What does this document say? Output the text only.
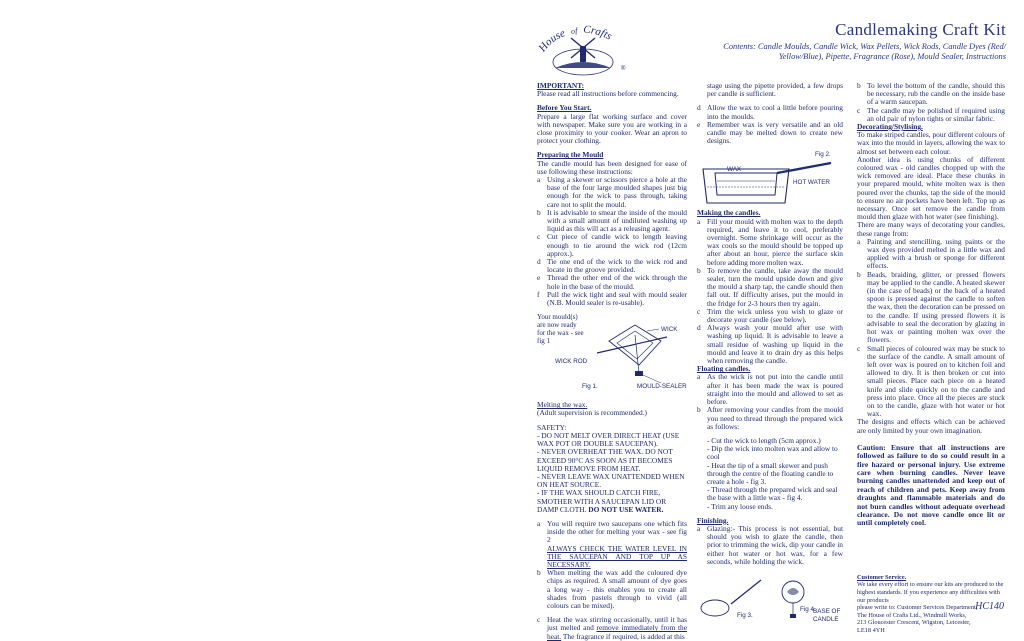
House of Crafts
®
Candlemaking Craft Kit
Contents: Candle Moulds, Candle Wick, Wax Pellets, Wick Rods, Candle Dyes (Red/ Yellow/Blue), Pipette, Fragrance (Rose), Mould Sealer, Instructions
IMPORTANT:
Please read all instructions before commencing.
Before You Start.
Prepare a large flat working surface and cover with newspaper. Make sure you are working in a close proximity to your cooker. Wear an apron to protect your clothing.
Preparing the Mould
The candle mould has been designed for ease of use following these instructions:
a Using a skewer or scissors pierce a hole at the base of the four large moulded shapes just big enough for the wick to pass through, taking care not to split the mould.
b It is advisable to smear the inside of the mould with a small amount of undiluted washing up liquid as this will act as a releasing agent.
c Cut piece of candle wick to length leaving enough to tie around the wick rod (12cm approx.).
d Tie one end of the wick to the wick rod and locate in the groove provided.
e Thread the other end of the wick through the hole in the base of the mould.
f	Pull the wick tight and seal with mould sealer (N.B. Mould sealer is re-usable).
Your mould(s) are now ready for the wax - see fig 1
WICK
WICK ROD
Fig 1.	MOULD-SEALER
Melting the wax.
(Adult supervision is recommended.)
SAFETY:
- DO NOT MELT OVER DIRECT HEAT (USE WAX POT OR DOUBLE SAUCEPAN).
- NEVER OVERHEAT THE WAX. DO NOT EXCEED 90°C AS SOON AS IT BECOMES LIQUID REMOVE FROM HEAT.
- NEVER LEAVE WAX UNATTENDED WHEN ON HEAT SOURCE.
- IF THE WAX SHOULD CATCH FIRE, SMOTHER WITH A SAUCEPAN LID OR DAMP CLOTH. DO NOT USE WATER.
a You will require two saucepans one which fits inside the other for melting your wax - see fig 2
ALWAYS CHECK THE WATER LEVEL IN THE SAUCEPAN AND TOP UP AS NECESSARY.
b When melting the wax add the coloured dye chips as required. A small amount of dye goes a long way - this enables you to create all shades from pastels through to vivid (all colours can be mixed).
c Heat the wax stirring occasionally, until it has just melted and remove immediately from the heat. The fragrance if required, is added at this
stage using the pipette provided, a few drops per candle is sufficient.
d Allow the wax to cool a little before pouring into the moulds.
e Remember wax is very versatile and an old candle may be melted down to create new designs.
Fig 2.
WAX
HOT WATER
Making the candles.
a Fill your mould with molten wax to the depth required, and leave it to cool, preferably overnight. Some shrinkage will occur as the wax cools so the mould should be topped up after about an hour, pierce the surface skin before adding more molten wax.
b To remove the candle, take away the mould sealer, turn the mould upside down and give the mould a sharp tap, the candle should then fall out. If difficulty arises, put the mould in the fridge for 2-3 hours then try again.
c Trim the wick unless you wish to glaze or decorate your candle (see below).
d Always wash your mould after use with washing up liquid. It is advisable to leave a small residue of washing up liquid in the mould and leave it to drain dry as this helps when removing the candle.
Floating candles.
a As the wick is not put into the candle until after it has been made the wax is poured straight into the mould and allowed to set as before.
b After removing your candles from the mould you need to thread through the prepared wick as follows:
- Cut the wick to length (5cm approx.)
- Dip the wick into molten wax and allow to cool
- Heat the tip of a small skewer and push through the centre of the floating candle to create a hole - fig 3.
- Thread through the prepared wick and seal the base with a little wax - fig 4.
- Trim any loose ends.
Finishing.
a Glazing:- This process is not essential, but should you wish to glaze the candle, then prior to trimming the wick, dip your candle in either hot water or hot wax, for a few seconds, while holding the wick.
Fig 3.
BASE OF
CANDLE
Fig 4.
b To level the bottom of the candle, should this be necessary, rub the candle on the inside base of a warm saucepan.
c The candle may be polished if required using an old pair of nylon tights or similar fabric.
Decorating/Stylising.
To make striped candles, pour different colours of wax into the mould in layers, allowing the wax to almost set between each colour.
Another idea is using chunks of different coloured wax - old candles chopped up with the wick removed are ideal. Place these chunks in your prepared mould, white molten wax is then poured over the chunks, tap the side of the mould to ensure no air pockets have been left. Top up as necessary. Once set remove the candle from mould then glaze with hot water (see finishing).
There are many ways of decorating your candles, these range from:
a Painting and stencilling, using paints or the wax dyes provided melted in a little wax and applied with a brush or sponge for different effects.
b Beads, braiding, glitter, or pressed flowers may be applied to the candle. A heated skewer (in the case of beads) or the back of a heated spoon is pressed against the candle to soften the wax, then the decoration can be pressed on to the candle. If using pressed flowers it is advisable to seal the decoration by glazing in hot wax or painting molten wax over the flowers.
c Small pieces of coloured wax may be stuck to the surface of the candle. A small amount of left over wax is poured on to kitchen foil and allowed to dry. It is then broken or cut into small pieces. Place each piece on a heated knife and slide quickly on to the candle and press into place. Once all the pieces are stuck on to the candle, glaze with hot water or hot wax.
The designs and effects which can be achieved are only limited by your own imagination.
Caution: Ensure that all instructions are followed as failure to do so could result in a fire hazard or personal injury. Use extreme care when burning candles. Never leave burning candles unattended and keep out of reach of children and pets. Keep away from draughts and flammable materials and do not burn candles without adequate overhead clearance. Do not move candle once lit or until completely cool.
Customer Service.
We take every effort to ensure our kits are produced to the highest standards. If you experience any difficulties with our products
please write to: Customer Services Department,
The House of Crafts Ltd., Windmill Works,
213 Gloucester Crescent, Wigston, Leicester,
LE18 4YH
HC140
